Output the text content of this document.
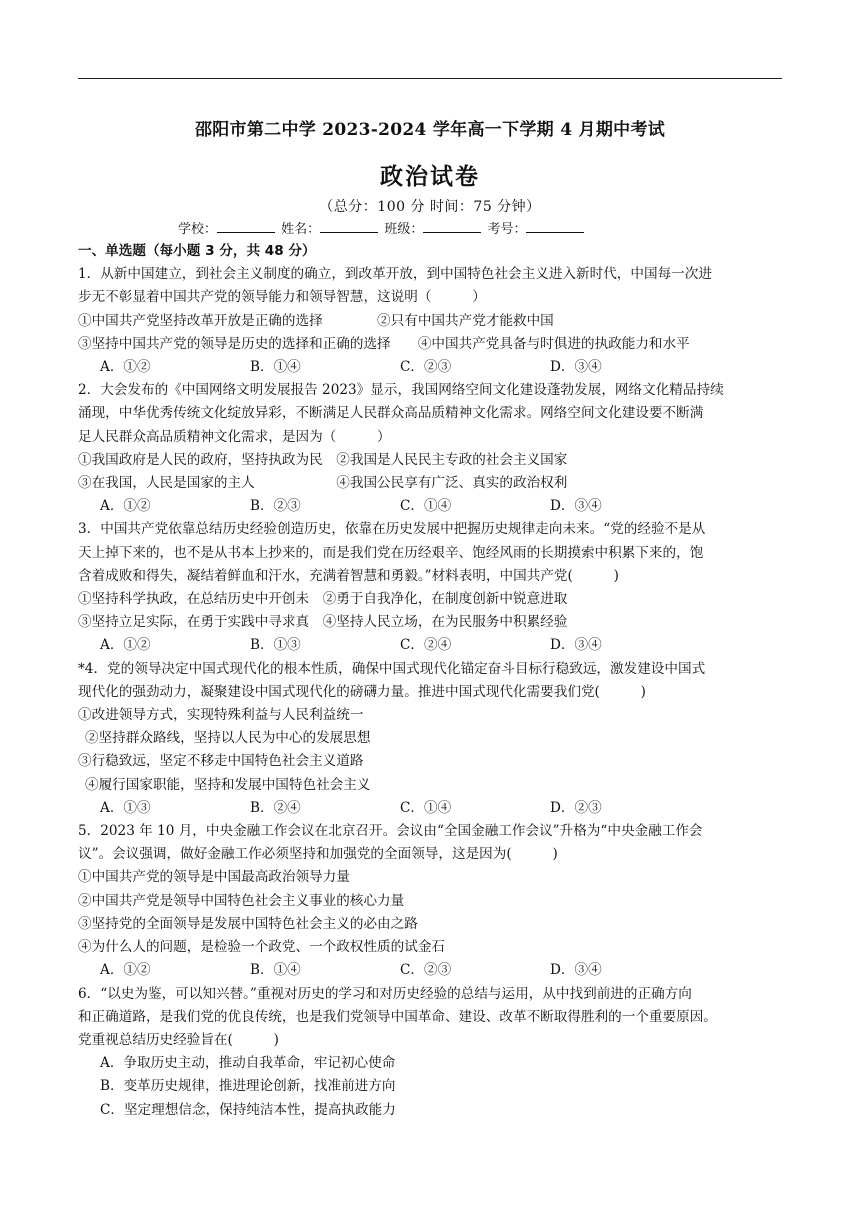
邵阳市第二中学 2023-2024 学年高一下学期 4 月期中考试
政治试卷
（总分：100 分 时间：75 分钟）
学校：	姓名：	班级：	考号：
一、单选题（每小题 3 分，共 48 分）
1．从新中国建立，到社会主义制度的确立，到改革开放，到中国特色社会主义进入新时代，中国每一次进
步无不彰显着中国共产党的领导能力和领导智慧，这说明（　　　）
①中国共产党坚持改革开放是正确的选择　　　　②只有中国共产党才能救中国
③坚持中国共产党的领导是历史的选择和正确的选择　　④中国共产党具备与时俱进的执政能力和水平
A．①②	B．①④	C．②③	D．③④
2．大会发布的《中国网络文明发展报告 2023》显示，我国网络空间文化建设蓬勃发展，网络文化精品持续
涌现，中华优秀传统文化绽放异彩，不断满足人民群众高品质精神文化需求。网络空间文化建设要不断满
足人民群众高品质精神文化需求，是因为（　　　）
①我国政府是人民的政府，坚持执政为民　②我国是人民民主专政的社会主义国家
③在我国，人民是国家的主人　　　　　　④我国公民享有广泛、真实的政治权利
A．①②	B．②③	C．①④	D．③④
3．中国共产党依靠总结历史经验创造历史，依靠在历史发展中把握历史规律走向未来。“党的经验不是从
天上掉下来的，也不是从书本上抄来的，而是我们党在历经艰辛、饱经风雨的长期摸索中积累下来的，饱
含着成败和得失，凝结着鲜血和汗水，充满着智慧和勇毅。”材料表明，中国共产党(　　　)
①坚持科学执政，在总结历史中开创未　②勇于自我净化，在制度创新中锐意进取
③坚持立足实际，在勇于实践中寻求真　④坚持人民立场，在为民服务中积累经验
A．①②	B．①③	C．②④	D．③④
*4．党的领导决定中国式现代化的根本性质，确保中国式现代化锚定奋斗目标行稳致远，激发建设中国式
现代化的强劲动力，凝聚建设中国式现代化的磅礴力量。推进中国式现代化需要我们党(　　　)
①改进领导方式，实现特殊利益与人民利益统一
②坚持群众路线，坚持以人民为中心的发展思想
③行稳致远，坚定不移走中国特色社会主义道路
④履行国家职能，坚持和发展中国特色社会主义
A．①③	B．②④	C．①④	D．②③
5．2023 年 10 月，中央金融工作会议在北京召开。会议由“全国金融工作会议”升格为“中央金融工作会
议”。会议强调，做好金融工作必须坚持和加强党的全面领导，这是因为(　　　)
①中国共产党的领导是中国最高政治领导力量
②中国共产党是领导中国特色社会主义事业的核心力量
③坚持党的全面领导是发展中国特色社会主义的必由之路
④为什么人的问题，是检验一个政党、一个政权性质的试金石
A．①②	B．①④	C．②③	D．③④
6．“以史为鉴，可以知兴替。”重视对历史的学习和对历史经验的总结与运用，从中找到前进的正确方向
和正确道路，是我们党的优良传统，也是我们党领导中国革命、建设、改革不断取得胜利的一个重要原因。
党重视总结历史经验旨在(　　　)
A．争取历史主动，推动自我革命，牢记初心使命
B．变革历史规律，推进理论创新，找准前进方向
C．坚定理想信念，保持纯洁本性，提高执政能力
